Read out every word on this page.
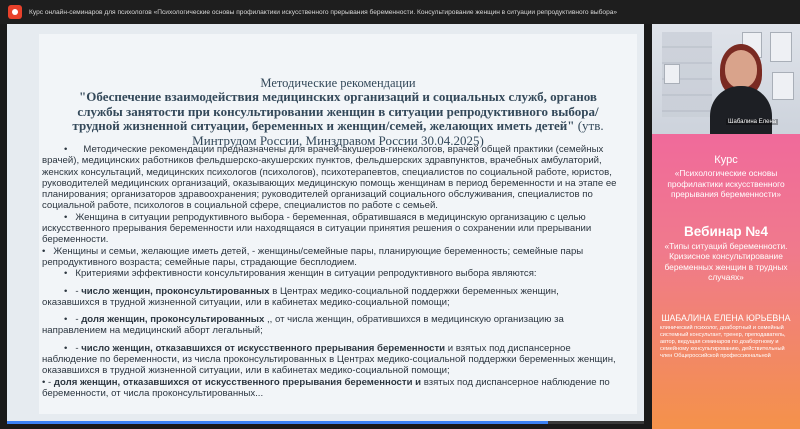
Курс онлайн-семинаров для психологов «Психологические основы профилактики искусственного прерывания беременности. Консультирование женщин в ситуации репродуктивного выбора»
Методические рекомендации
"Обеспечение взаимодействия медицинских организаций и социальных служб, органов службы занятости при консультировании женщин в ситуации репродуктивного выбора/трудной жизненной ситуации, беременных и женщин/семей, желающих иметь детей" (утв. Минтрудом России, Минздравом России 30.04.2025)

•      Методические рекомендации предназначены для врачей-акушеров-гинекологов, врачей общей практики (семейных врачей), медицинских работников фельдшерско-акушерских пунктов, фельдшерских здравпунктов, врачебных амбулаторий, женских консультаций, медицинских психологов (психологов), психотерапевтов, специалистов по социальной работе, юристов, руководителей медицинских организаций, оказывающих медицинскую помощь женщинам в период беременности и на этапе ее планирования; организаторов здравоохранения; руководителей организаций социального обслуживания, специалистов по социальной работе, психологов в социальной сфере, специалистов по работе с семьей.

•   Женщина в ситуации репродуктивного выбора - беременная, обратившаяся в медицинскую организацию с целью искусственного прерывания беременности или находящаяся в ситуации принятия решения о сохранении или прерывании беременности.

•   Женщины и семьи, желающие иметь детей, - женщины/семейные пары, планирующие беременность; семейные пары репродуктивного возраста; семейные пары, страдающие бесплодием.

•   Критериями эффективности консультирования женщин в ситуации репродуктивного выбора являются:

•   - число женщин, проконсультированных в Центрах медико-социальной поддержки беременных женщин, оказавшихся в трудной жизненной ситуации, или в кабинетах медико-социальной помощи;

•   - доля женщин, проконсультированных ,, от числа женщин, обратившихся в медицинскую организацию за направлением на медицинский аборт легальный;

•   - число женщин, отказавшихся от искусственного прерывания беременности и взятых под диспансерное наблюдение по беременности, из числа проконсультированных в Центрах медико-социальной поддержки беременных женщин, оказавшихся в трудной жизненной ситуации, или в кабинетах медико-социальной помощи;

• - доля женщин, отказавшихся от искусственного прерывания беременности и взятых под диспансерное наблюдение по беременности, от числа проконсультированных...

Шабалина Елена
Курс
«Психологические основы профилактики искусственного прерывания беременности»
Вебинар №4
«Типы ситуаций беременности. Кризисное консультирование беременных женщин в трудных случаях»
ШАБАЛИНА ЕЛЕНА ЮРЬЕВНА
клинический психолог, доабортный и семейный системный консультант, тренер, преподаватель, автор, ведущая семинаров по доабортному и семейному консультированию, действительный член Общероссийской профессиональной
